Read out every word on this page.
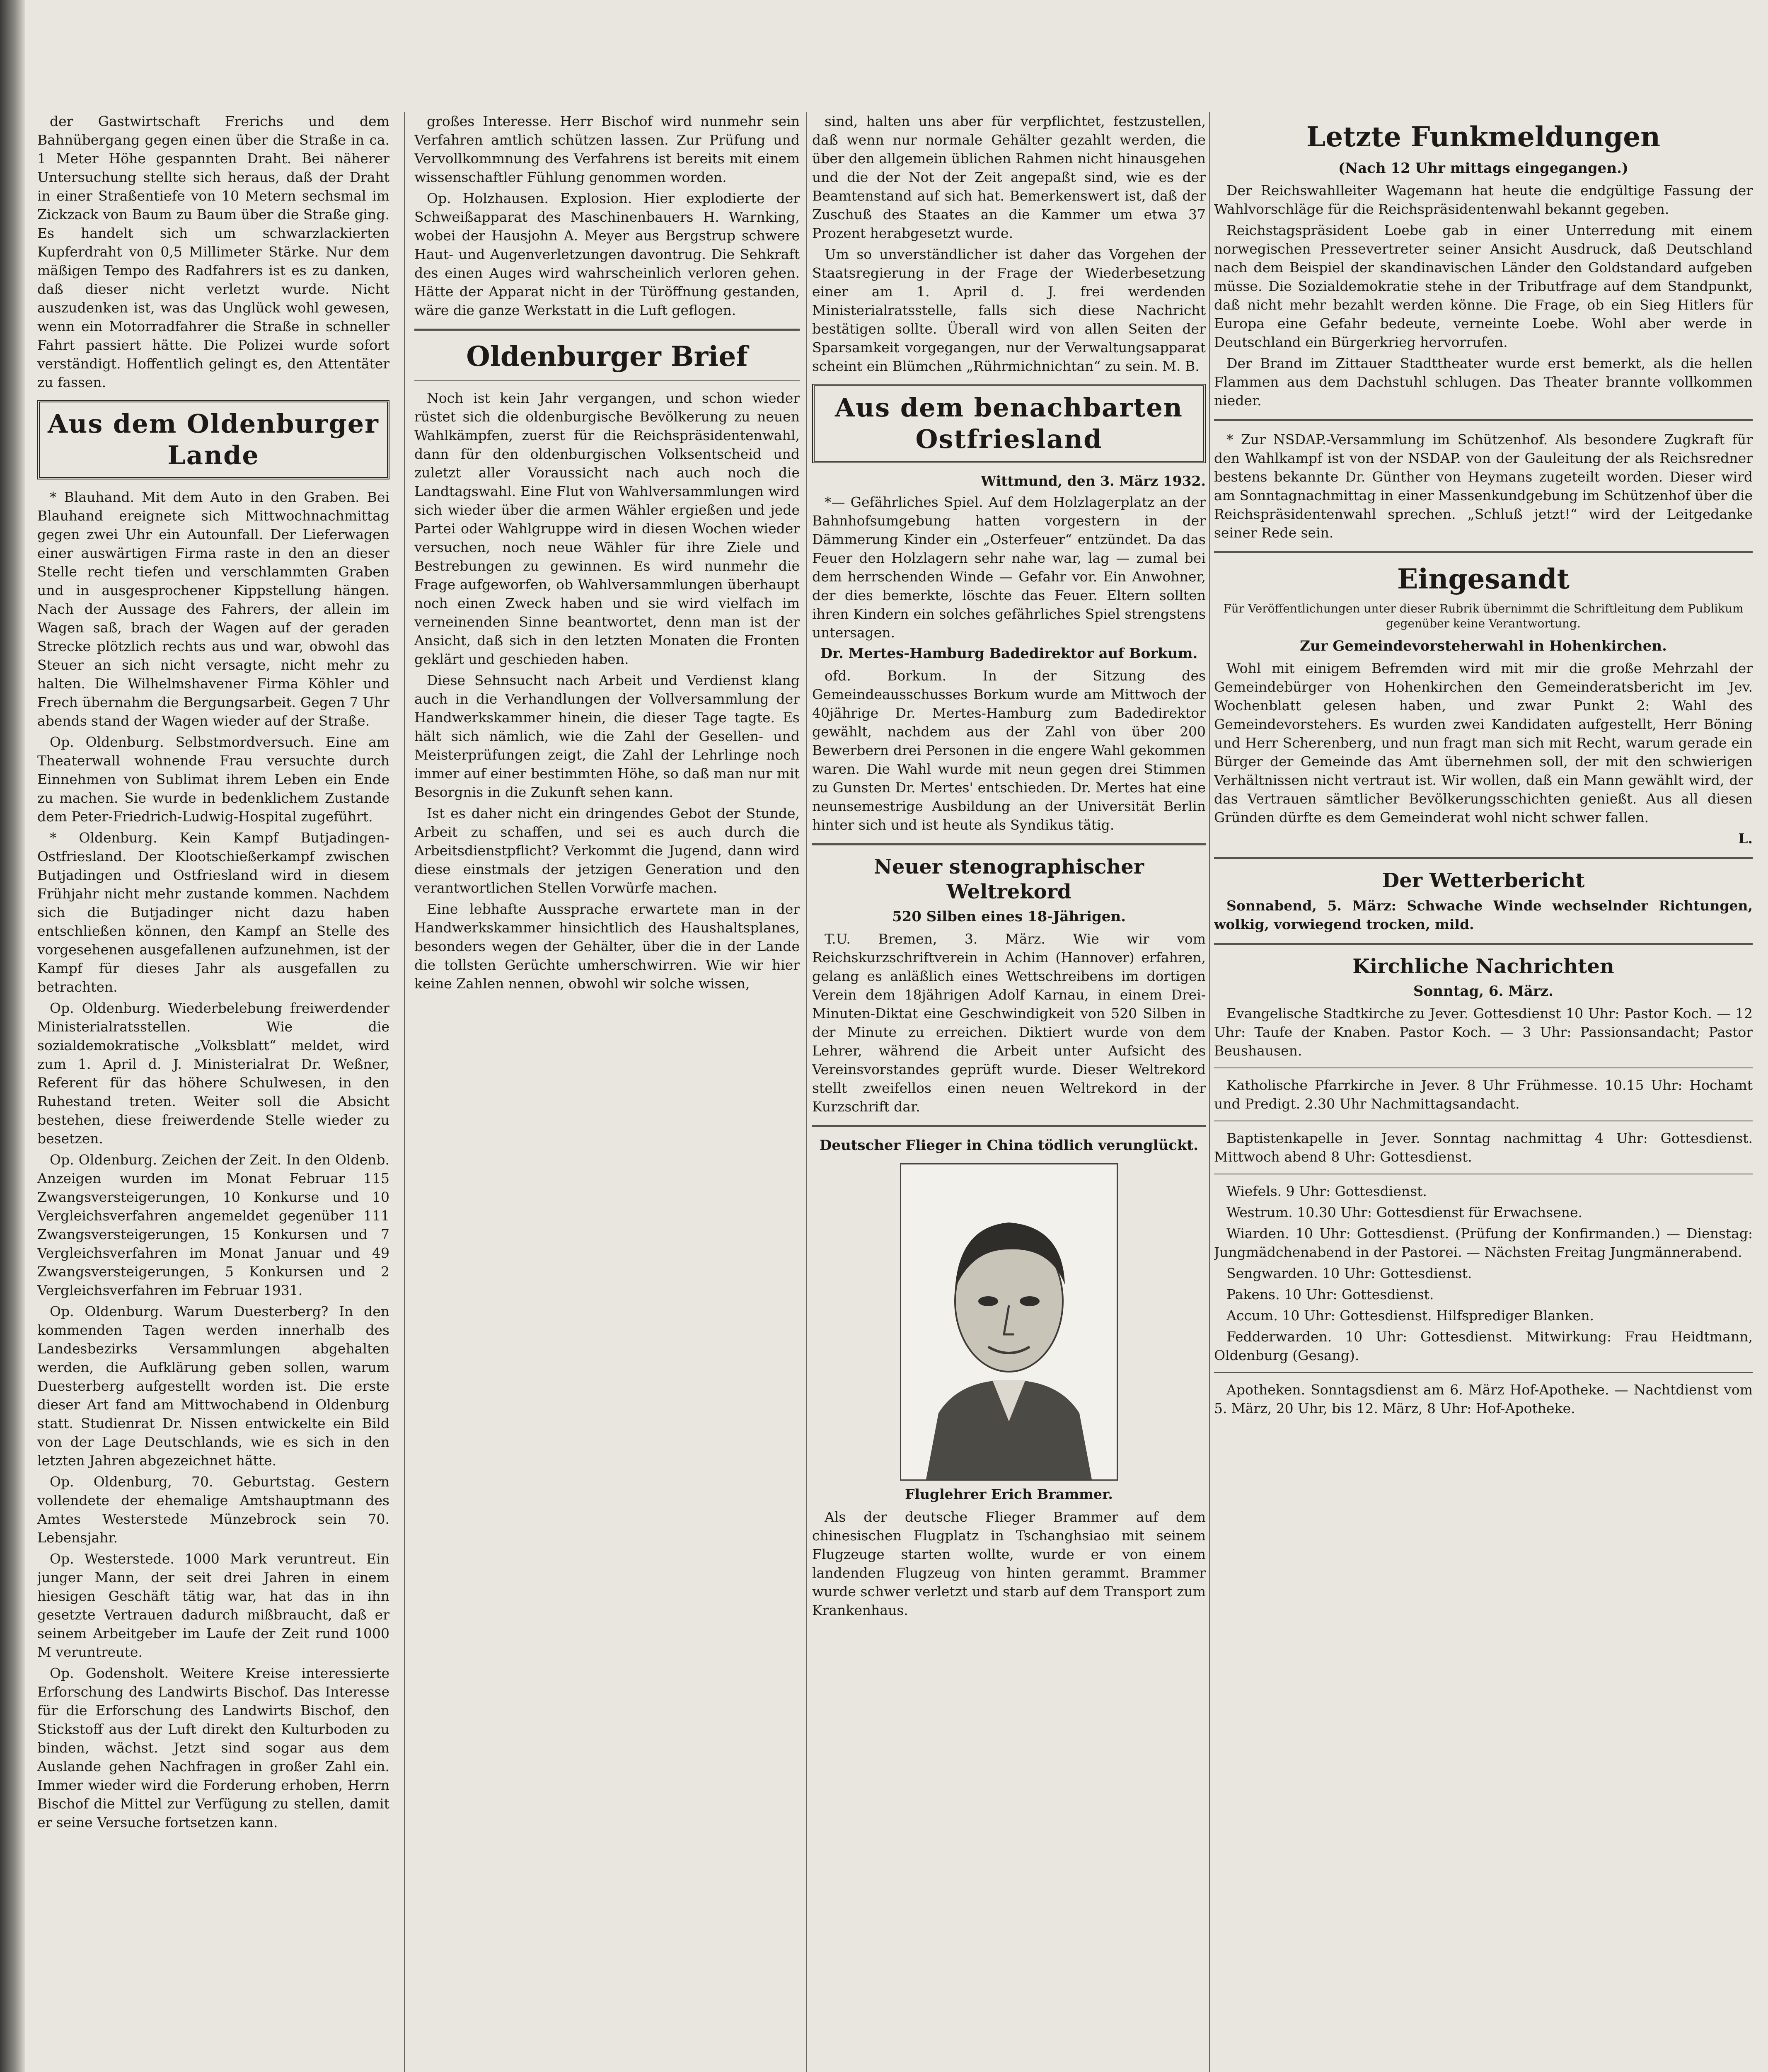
der Gastwirtschaft Frerichs und dem Bahnübergang gegen einen über die Straße in ca. 1 Meter Höhe gespannten Draht. Bei näherer Untersuchung stellte sich heraus, daß der Draht in einer Straßentiefe von 10 Metern sechsmal im Zickzack von Baum zu Baum über die Straße ging. Es handelt sich um schwarzlackierten Kupferdraht von 0,5 Millimeter Stärke. Nur dem mäßigen Tempo des Radfahrers ist es zu danken, daß dieser nicht verletzt wurde. Nicht auszudenken ist, was das Unglück wohl gewesen, wenn ein Motorradfahrer die Straße in schneller Fahrt passiert hätte. Die Polizei wurde sofort verständigt. Hoffentlich gelingt es, den Attentäter zu fassen.

Aus dem Oldenburger Lande

* Blauhand. Mit dem Auto in den Graben. Bei Blauhand ereignete sich Mittwochnachmittag gegen zwei Uhr ein Autounfall. Der Lieferwagen einer auswärtigen Firma raste in den an dieser Stelle recht tiefen und verschlammten Graben und in ausgesprochener Kippstellung hängen. Nach der Aussage des Fahrers, der allein im Wagen saß, brach der Wagen auf der geraden Strecke plötzlich rechts aus und war, obwohl das Steuer an sich nicht versagte, nicht mehr zu halten. Die Wilhelmshavener Firma Köhler und Frech übernahm die Bergungsarbeit. Gegen 7 Uhr abends stand der Wagen wieder auf der Straße.

Op. Oldenburg. Selbstmordversuch. Eine am Theaterwall wohnende Frau versuchte durch Einnehmen von Sublimat ihrem Leben ein Ende zu machen. Sie wurde in bedenklichem Zustande dem Peter-Friedrich-Ludwig-Hospital zugeführt.

* Oldenburg. Kein Kampf Butjadingen-Ostfriesland. Der Klootschießerkampf zwischen Butjadingen und Ostfriesland wird in diesem Frühjahr nicht mehr zustande kommen. Nachdem sich die Butjadinger nicht dazu haben entschließen können, den Kampf an Stelle des vorgesehenen ausgefallenen aufzunehmen, ist der Kampf für dieses Jahr als ausgefallen zu betrachten.

Op. Oldenburg. Wiederbelebung freiwerdender Ministerialratsstellen. Wie die sozialdemokratische „Volksblatt“ meldet, wird zum 1. April d. J. Ministerialrat Dr. Weßner, Referent für das höhere Schulwesen, in den Ruhestand treten. Weiter soll die Absicht bestehen, diese freiwerdende Stelle wieder zu besetzen.

Op. Oldenburg. Zeichen der Zeit. In den Oldenb. Anzeigen wurden im Monat Februar 115 Zwangsversteigerungen, 10 Konkurse und 10 Vergleichsverfahren angemeldet gegenüber 111 Zwangsversteigerungen, 15 Konkursen und 7 Vergleichsverfahren im Monat Januar und 49 Zwangsversteigerungen, 5 Konkursen und 2 Vergleichsverfahren im Februar 1931.

Op. Oldenburg. Warum Duesterberg? In den kommenden Tagen werden innerhalb des Landesbezirks Versammlungen abgehalten werden, die Aufklärung geben sollen, warum Duesterberg aufgestellt worden ist. Die erste dieser Art fand am Mittwochabend in Oldenburg statt. Studienrat Dr. Nissen entwickelte ein Bild von der Lage Deutschlands, wie es sich in den letzten Jahren abgezeichnet hätte.

Op. Oldenburg, 70. Geburtstag. Gestern vollendete der ehemalige Amtshauptmann des Amtes Westerstede Münzebrock sein 70. Lebensjahr.

Op. Westerstede. 1000 Mark veruntreut. Ein junger Mann, der seit drei Jahren in einem hiesigen Geschäft tätig war, hat das in ihn gesetzte Vertrauen dadurch mißbraucht, daß er seinem Arbeitgeber im Laufe der Zeit rund 1000 M veruntreute.

Op. Godensholt. Weitere Kreise interessierte Erforschung des Landwirts Bischof. Das Interesse für die Erforschung des Landwirts Bischof, den Stickstoff aus der Luft direkt den Kulturboden zu binden, wächst. Jetzt sind sogar aus dem Auslande gehen Nachfragen in großer Zahl ein. Immer wieder wird die Forderung erhoben, Herrn Bischof die Mittel zur Verfügung zu stellen, damit er seine Versuche fortsetzen kann.

großes Interesse. Herr Bischof wird nunmehr sein Verfahren amtlich schützen lassen. Zur Prüfung und Vervollkommnung des Verfahrens ist bereits mit einem wissenschaftler Fühlung genommen worden.

Op. Holzhausen. Explosion. Hier explodierte der Schweißapparat des Maschinenbauers H. Warnking, wobei der Hausjohn A. Meyer aus Bergstrup schwere Haut- und Augenverletzungen davontrug. Die Sehkraft des einen Auges wird wahrscheinlich verloren gehen. Hätte der Apparat nicht in der Türöffnung gestanden, wäre die ganze Werkstatt in die Luft geflogen.

Oldenburger Brief

Noch ist kein Jahr vergangen, und schon wieder rüstet sich die oldenburgische Bevölkerung zu neuen Wahlkämpfen, zuerst für die Reichspräsidentenwahl, dann für den oldenburgischen Volksentscheid und zuletzt aller Voraussicht nach auch noch die Landtagswahl. Eine Flut von Wahlversammlungen wird sich wieder über die armen Wähler ergießen und jede Partei oder Wahlgruppe wird in diesen Wochen wieder versuchen, noch neue Wähler für ihre Ziele und Bestrebungen zu gewinnen. Es wird nunmehr die Frage aufgeworfen, ob Wahlversammlungen überhaupt noch einen Zweck haben und sie wird vielfach im verneinenden Sinne beantwortet, denn man ist der Ansicht, daß sich in den letzten Monaten die Fronten geklärt und geschieden haben.

Diese Sehnsucht nach Arbeit und Verdienst klang auch in die Verhandlungen der Vollversammlung der Handwerkskammer hinein, die dieser Tage tagte. Es hält sich nämlich, wie die Zahl der Gesellen- und Meisterprüfungen zeigt, die Zahl der Lehrlinge noch immer auf einer bestimmten Höhe, so daß man nur mit Besorgnis in die Zukunft sehen kann.

Ist es daher nicht ein dringendes Gebot der Stunde, Arbeit zu schaffen, und sei es auch durch die Arbeitsdienstpflicht? Verkommt die Jugend, dann wird diese einstmals der jetzigen Generation und den verantwortlichen Stellen Vorwürfe machen.

Eine lebhafte Aussprache erwartete man in der Handwerkskammer hinsichtlich des Haushaltsplanes, besonders wegen der Gehälter, über die in der Lande die tollsten Gerüchte umherschwirren. Wie wir hier keine Zahlen nennen, obwohl wir solche wissen,

sind, halten uns aber für verpflichtet, festzustellen, daß wenn nur normale Gehälter gezahlt werden, die über den allgemein üblichen Rahmen nicht hinausgehen und die der Not der Zeit angepaßt sind, wie es der Beamtenstand auf sich hat. Bemerkenswert ist, daß der Zuschuß des Staates an die Kammer um etwa 37 Prozent herabgesetzt wurde.

Um so unverständlicher ist daher das Vorgehen der Staatsregierung in der Frage der Wiederbesetzung einer am 1. April d. J. frei werdenden Ministerialratsstelle, falls sich diese Nachricht bestätigen sollte. Überall wird von allen Seiten der Sparsamkeit vorgegangen, nur der Verwaltungsapparat scheint ein Blümchen „Rührmichnichtan“ zu sein. M. B.

Aus dem benachbarten Ostfriesland
Wittmund, den 3. März 1932.

*— Gefährliches Spiel. Auf dem Holzlagerplatz an der Bahnhofsumgebung hatten vorgestern in der Dämmerung Kinder ein „Osterfeuer“ entzündet. Da das Feuer den Holzlagern sehr nahe war, lag — zumal bei dem herrschenden Winde — Gefahr vor. Ein Anwohner, der dies bemerkte, löschte das Feuer. Eltern sollten ihren Kindern ein solches gefährliches Spiel strengstens untersagen.

Dr. Mertes-Hamburg Badedirektor auf Borkum.

ofd. Borkum. In der Sitzung des Gemeindeausschusses Borkum wurde am Mittwoch der 40jährige Dr. Mertes-Hamburg zum Badedirektor gewählt, nachdem aus der Zahl von über 200 Bewerbern drei Personen in die engere Wahl gekommen waren. Die Wahl wurde mit neun gegen drei Stimmen zu Gunsten Dr. Mertes' entschieden. Dr. Mertes hat eine neunsemestrige Ausbildung an der Universität Berlin hinter sich und ist heute als Syndikus tätig.

Neuer stenographischer Weltrekord
520 Silben eines 18-Jährigen.

T.U. Bremen, 3. März. Wie wir vom Reichskurzschriftverein in Achim (Hannover) erfahren, gelang es anläßlich eines Wettschreibens im dortigen Verein dem 18jährigen Adolf Karnau, in einem Drei-Minuten-Diktat eine Geschwindigkeit von 520 Silben in der Minute zu erreichen. Diktiert wurde von dem Lehrer, während die Arbeit unter Aufsicht des Vereinsvorstandes geprüft wurde. Dieser Weltrekord stellt zweifellos einen neuen Weltrekord in der Kurzschrift dar.

Deutscher Flieger in China tödlich verunglückt.
Fluglehrer Erich Brammer.

Als der deutsche Flieger Brammer auf dem chinesischen Flugplatz in Tschanghsiao mit seinem Flugzeuge starten wollte, wurde er von einem landenden Flugzeug von hinten gerammt. Brammer wurde schwer verletzt und starb auf dem Transport zum Krankenhaus.

Letzte Funkmeldungen
(Nach 12 Uhr mittags eingegangen.)

Der Reichswahlleiter Wagemann hat heute die endgültige Fassung der Wahlvorschläge für die Reichspräsidentenwahl bekannt gegeben.

Reichstagspräsident Loebe gab in einer Unterredung mit einem norwegischen Pressevertreter seiner Ansicht Ausdruck, daß Deutschland nach dem Beispiel der skandinavischen Länder den Goldstandard aufgeben müsse. Die Sozialdemokratie stehe in der Tributfrage auf dem Standpunkt, daß nicht mehr bezahlt werden könne. Die Frage, ob ein Sieg Hitlers für Europa eine Gefahr bedeute, verneinte Loebe. Wohl aber werde in Deutschland ein Bürgerkrieg hervorrufen.

Der Brand im Zittauer Stadttheater wurde erst bemerkt, als die hellen Flammen aus dem Dachstuhl schlugen. Das Theater brannte vollkommen nieder.

* Zur NSDAP.-Versammlung im Schützenhof. Als besondere Zugkraft für den Wahlkampf ist von der NSDAP. von der Gauleitung der als Reichsredner bestens bekannte Dr. Günther von Heymans zugeteilt worden. Dieser wird am Sonntagnachmittag in einer Massenkundgebung im Schützenhof über die Reichspräsidentenwahl sprechen. „Schluß jetzt!“ wird der Leitgedanke seiner Rede sein.

Eingesandt
Für Veröffentlichungen unter dieser Rubrik übernimmt die Schriftleitung dem Publikum gegenüber keine Verantwortung.
Zur Gemeindevorsteherwahl in Hohenkirchen.

Wohl mit einigem Befremden wird mit mir die große Mehrzahl der Gemeindebürger von Hohenkirchen den Gemeinderatsbericht im Jev. Wochenblatt gelesen haben, und zwar Punkt 2: Wahl des Gemeindevorstehers. Es wurden zwei Kandidaten aufgestellt, Herr Böning und Herr Scherenberg, und nun fragt man sich mit Recht, warum gerade ein Bürger der Gemeinde das Amt übernehmen soll, der mit den schwierigen Verhältnissen nicht vertraut ist. Wir wollen, daß ein Mann gewählt wird, der das Vertrauen sämtlicher Bevölkerungsschichten genießt. Aus all diesen Gründen dürfte es dem Gemeinderat wohl nicht schwer fallen.

L.
Der Wetterbericht

Sonnabend, 5. März: Schwache Winde wechselnder Richtungen, wolkig, vorwiegend trocken, mild.

Kirchliche Nachrichten
Sonntag, 6. März.

Evangelische Stadtkirche zu Jever. Gottesdienst 10 Uhr: Pastor Koch. — 12 Uhr: Taufe der Knaben. Pastor Koch. — 3 Uhr: Passionsandacht; Pastor Beushausen.

Katholische Pfarrkirche in Jever. 8 Uhr Frühmesse. 10.15 Uhr: Hochamt und Predigt. 2.30 Uhr Nachmittagsandacht.

Baptistenkapelle in Jever. Sonntag nachmittag 4 Uhr: Gottesdienst. Mittwoch abend 8 Uhr: Gottesdienst.

Wiefels. 9 Uhr: Gottesdienst.

Westrum. 10.30 Uhr: Gottesdienst für Erwachsene.

Wiarden. 10 Uhr: Gottesdienst. (Prüfung der Konfirmanden.) — Dienstag: Jungmädchenabend in der Pastorei. — Nächsten Freitag Jungmännerabend.

Sengwarden. 10 Uhr: Gottesdienst.

Pakens. 10 Uhr: Gottesdienst.

Accum. 10 Uhr: Gottesdienst. Hilfsprediger Blanken.

Fedderwarden. 10 Uhr: Gottesdienst. Mitwirkung: Frau Heidtmann, Oldenburg (Gesang).

Apotheken. Sonntagsdienst am 6. März Hof-Apotheke. — Nachtdienst vom 5. März, 20 Uhr, bis 12. März, 8 Uhr: Hof-Apotheke.
